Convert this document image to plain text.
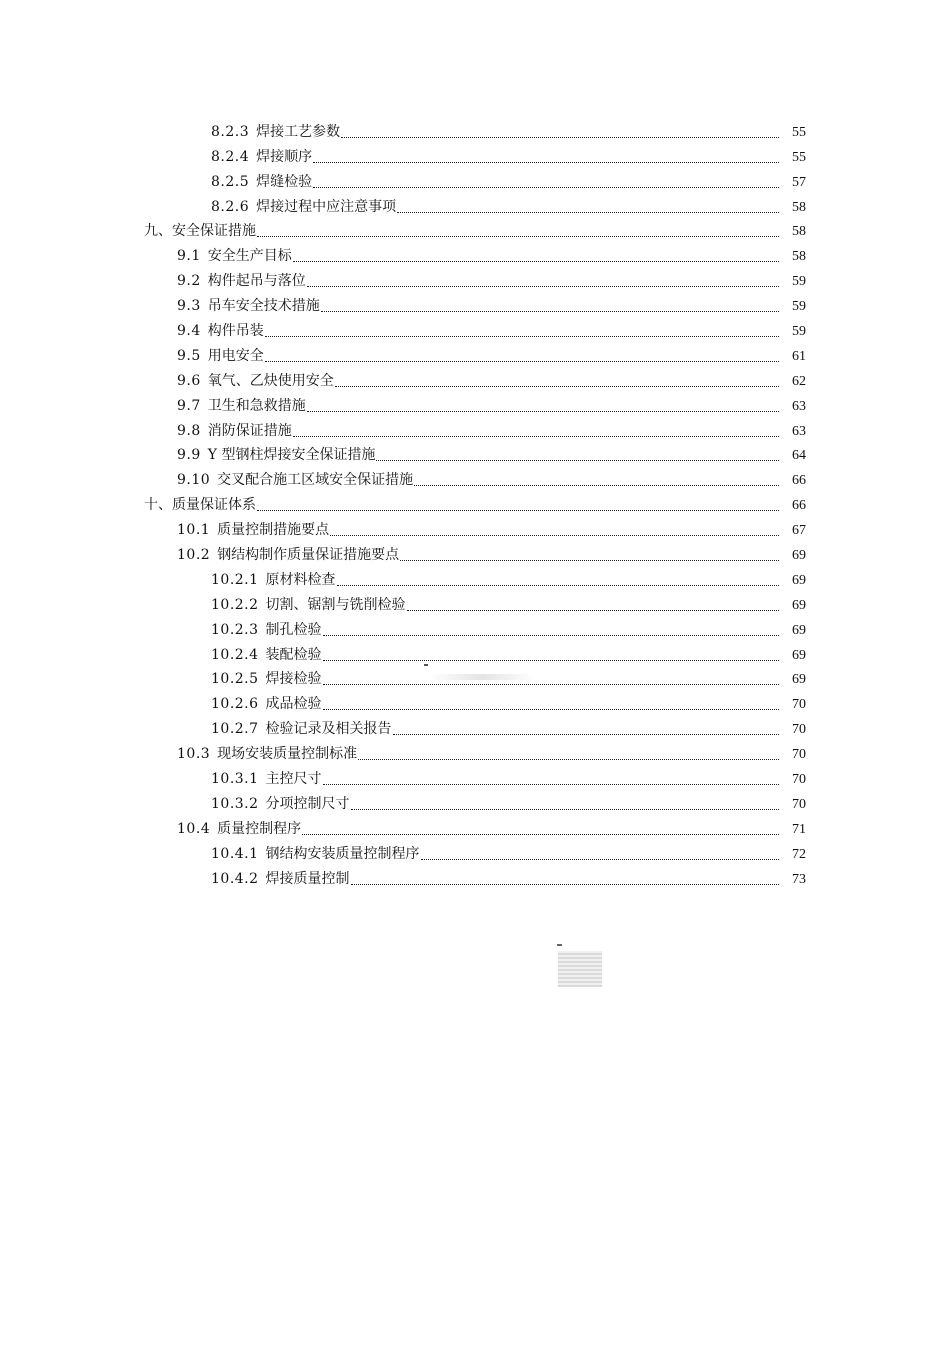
8.2.3 焊接工艺参数	55
8.2.4 焊接顺序	55
8.2.5 焊缝检验	57
8.2.6 焊接过程中应注意事项	58
九、安全保证措施	58
9.1 安全生产目标	58
9.2 构件起吊与落位	59
9.3 吊车安全技术措施	59
9.4 构件吊装	59
9.5 用电安全	61
9.6 氧气、乙炔使用安全	62
9.7 卫生和急救措施	63
9.8 消防保证措施	63
9.9 Y 型钢柱焊接安全保证措施	64
9.10 交叉配合施工区域安全保证措施	66
十、质量保证体系	66
10.1 质量控制措施要点	67
10.2 钢结构制作质量保证措施要点	69
10.2.1 原材料检查	69
10.2.2 切割、锯割与铣削检验	69
10.2.3 制孔检验	69
10.2.4 装配检验	69
10.2.5 焊接检验	69
10.2.6 成品检验	70
10.2.7 检验记录及相关报告	70
10.3 现场安装质量控制标准	70
10.3.1 主控尺寸	70
10.3.2 分项控制尺寸	70
10.4 质量控制程序	71
10.4.1 钢结构安装质量控制程序	72
10.4.2 焊接质量控制	73
